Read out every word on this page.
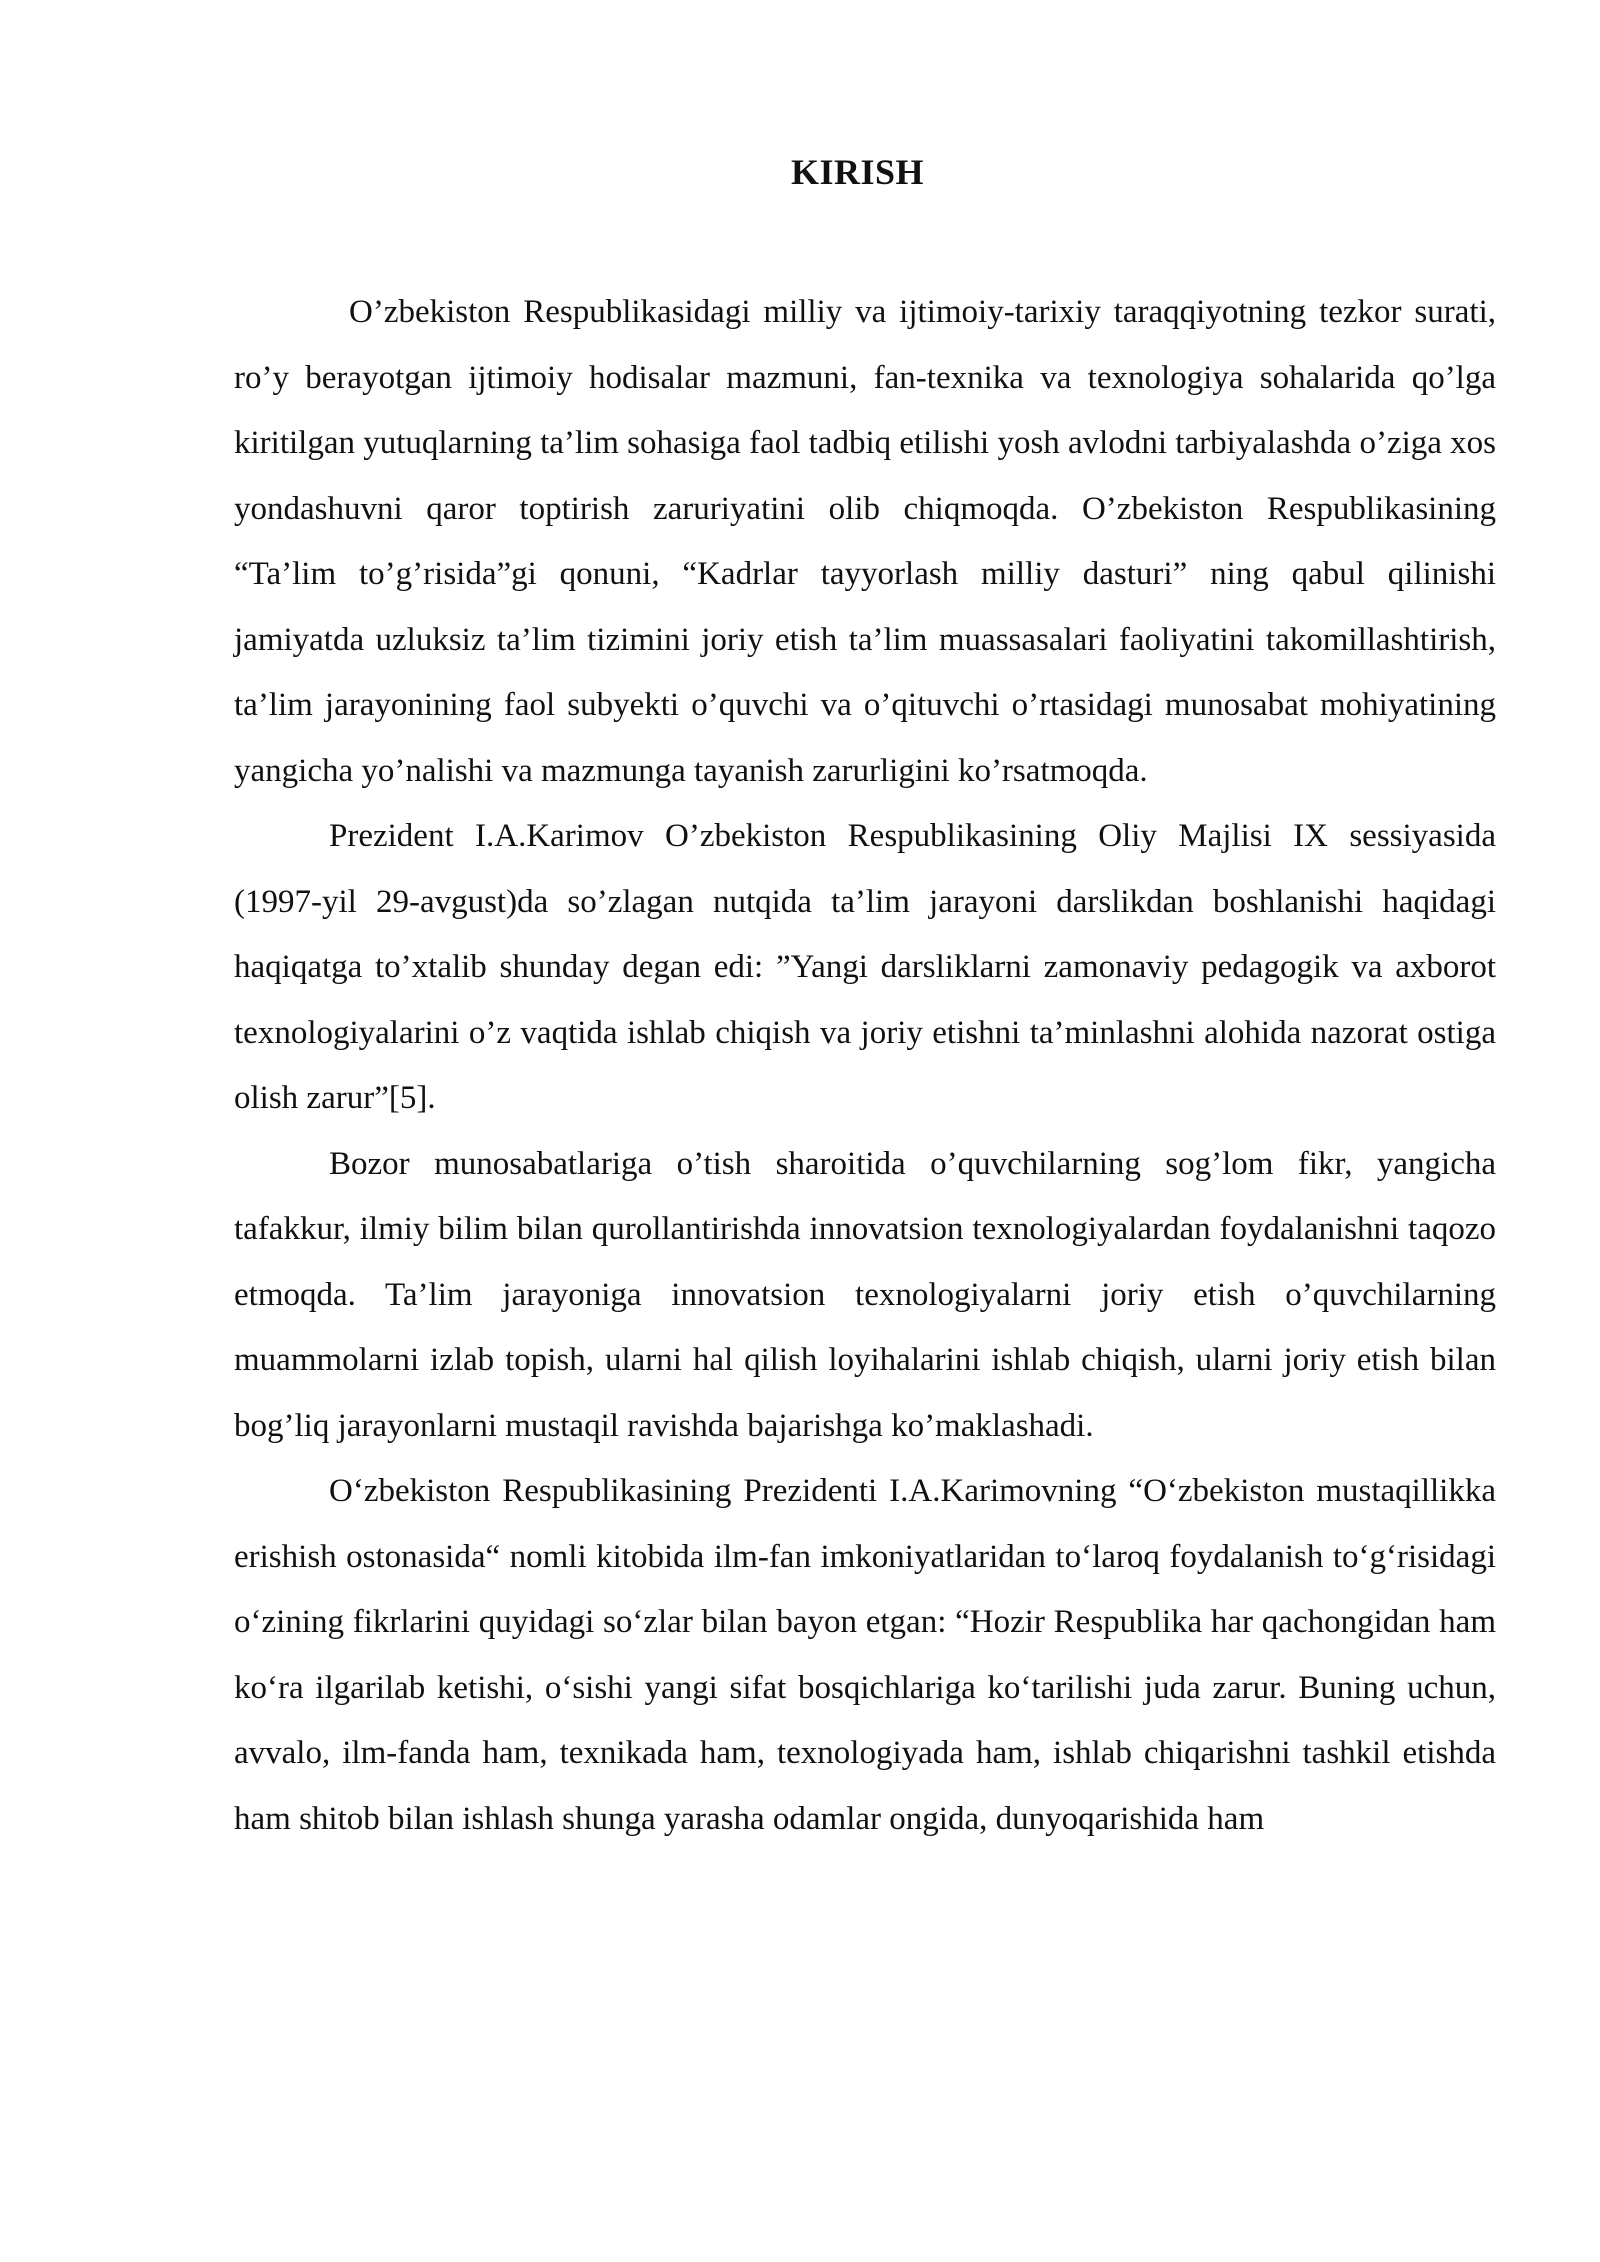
KIRISH

O’zbekiston Respublikasidagi milliy va ijtimoiy-tarixiy taraqqiyotning tezkor surati, ro’y berayotgan ijtimoiy hodisalar mazmuni, fan-texnika va texnologiya sohalarida qo’lga kiritilgan yutuqlarning ta’lim sohasiga faol tadbiq etilishi yosh avlodni tarbiyalashda o’ziga xos yondashuvni qaror toptirish zaruriyatini olib chiqmoqda. O’zbekiston Respublikasining “Ta’lim to’g’risida”gi qonuni, “Kadrlar tayyorlash milliy dasturi” ning qabul qilinishi jamiyatda uzluksiz ta’lim tizimini joriy etish ta’lim muassasalari faoliyatini takomillashtirish, ta’lim jarayonining faol subyekti o’quvchi va o’qituvchi o’rtasidagi munosabat mohiyatining yangicha yo’nalishi va mazmunga tayanish zarurligini ko’rsatmoqda.

Prezident I.A.Karimov O’zbekiston Respublikasining Oliy Majlisi IX sessiyasida (1997-yil 29-avgust)da so’zlagan nutqida ta’lim jarayoni darslikdan boshlanishi haqidagi haqiqatga to’xtalib shunday degan edi: ”Yangi darsliklarni zamonaviy pedagogik va axborot texnologiyalarini o’z vaqtida ishlab chiqish va joriy etishni ta’minlashni alohida nazorat ostiga olish zarur”[5].

Bozor munosabatlariga o’tish sharoitida o’quvchilarning sog’lom fikr, yangicha tafakkur, ilmiy bilim bilan qurollantirishda innovatsion texnologiyalardan foydalanishni taqozo etmoqda. Ta’lim jarayoniga innovatsion texnologiyalarni joriy etish o’quvchilarning muammolarni izlab topish, ularni hal qilish loyihalarini ishlab chiqish, ularni joriy etish bilan bog’liq jarayonlarni mustaqil ravishda bajarishga ko’maklashadi.

O‘zbekiston Respublikasining Prezidenti I.A.Karimovning “O‘zbekiston mustaqillikka erishish ostonasida“ nomli kitobida ilm-fan imkoniyatlaridan to‘laroq foydalanish to‘g‘risidagi o‘zining fikrlarini quyidagi so‘zlar bilan bayon etgan: “Hozir Respublika har qachongidan ham ko‘ra ilgarilab ketishi, o‘sishi yangi sifat bosqichlariga ko‘tarilishi juda zarur. Buning uchun, avvalo, ilm-fanda ham, texnikada ham, texnologiyada ham, ishlab chiqarishni tashkil etishda ham shitob bilan ishlash shunga yarasha odamlar ongida, dunyoqarishida ham
